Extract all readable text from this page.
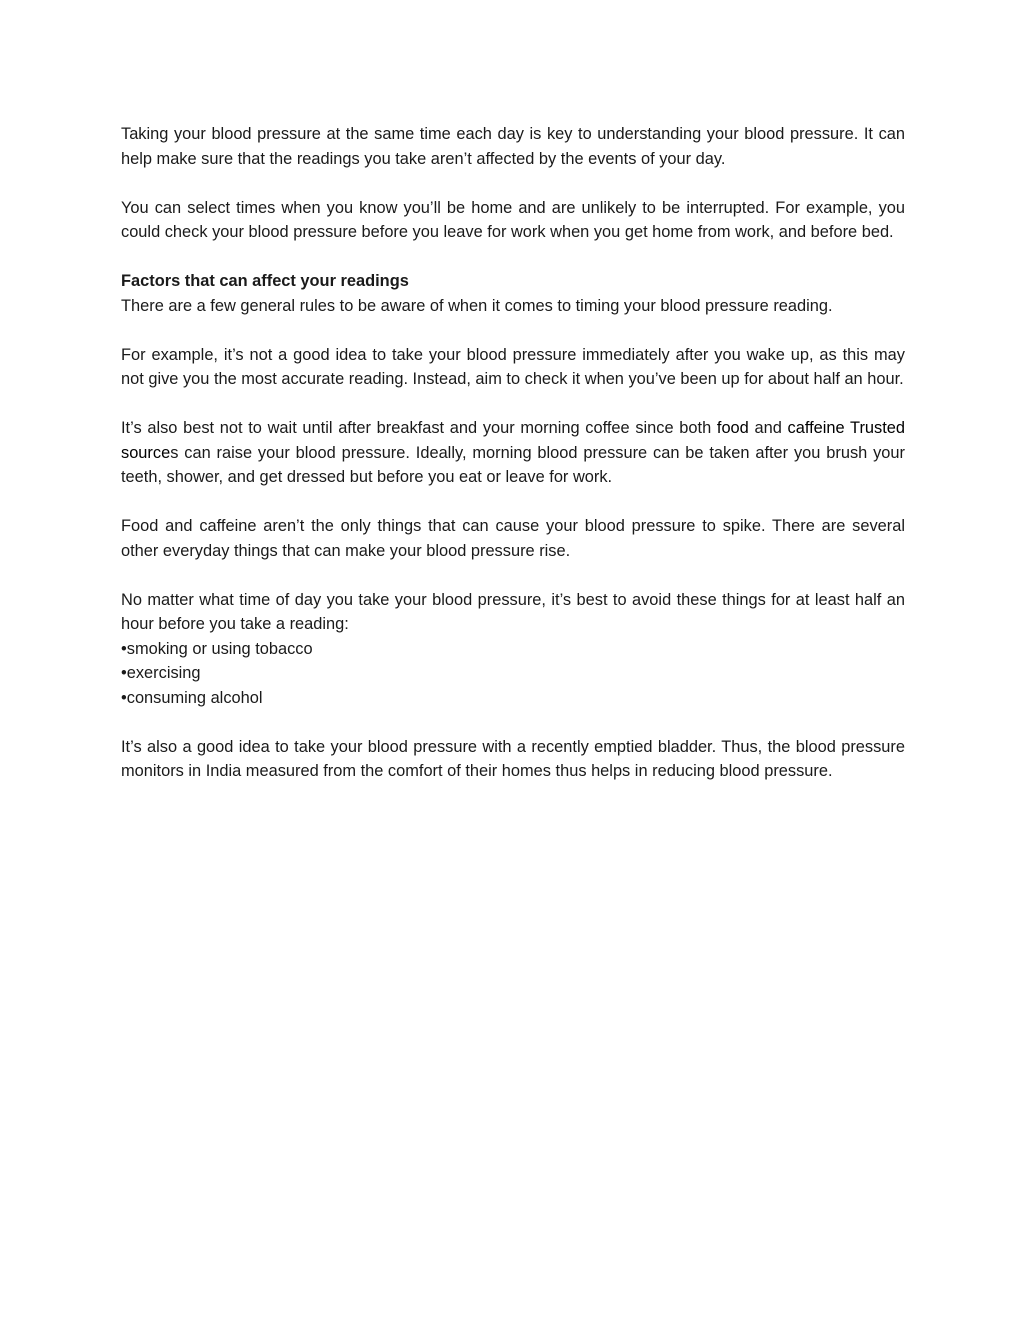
Taking your blood pressure at the same time each day is key to understanding your blood pressure. It can help make sure that the readings you take aren’t affected by the events of your day.

You can select times when you know you’ll be home and are unlikely to be interrupted. For example, you could check your blood pressure before you leave for work when you get home from work, and before bed.

Factors that can affect your readings

There are a few general rules to be aware of when it comes to timing your blood pressure reading.

For example, it’s not a good idea to take your blood pressure immediately after you wake up, as this may not give you the most accurate reading. Instead, aim to check it when you’ve been up for about half an hour.

It’s also best not to wait until after breakfast and your morning coffee since both food and caffeine Trusted sources can raise your blood pressure. Ideally, morning blood pressure can be taken after you brush your teeth, shower, and get dressed but before you eat or leave for work.

Food and caffeine aren’t the only things that can cause your blood pressure to spike. There are several other everyday things that can make your blood pressure rise.

No matter what time of day you take your blood pressure, it’s best to avoid these things for at least half an hour before you take a reading:

• smoking or using tobacco
• exercising
• consuming alcohol

It’s also a good idea to take your blood pressure with a recently emptied bladder. Thus, the blood pressure monitors in India measured from the comfort of their homes thus helps in reducing blood pressure.
